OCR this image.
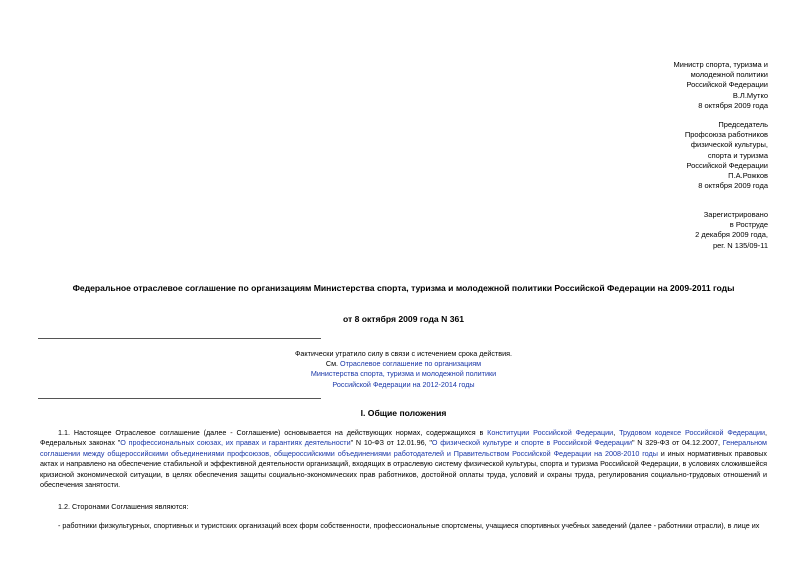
Министр спорта, туризма и
молодежной политики
Российской Федерации
В.Л.Мутко
8 октября 2009 года
Председатель
Профсоюза работников
физической культуры,
спорта и туризма
Российской Федерации
П.А.Рожков
8 октября 2009 года
Зарегистрировано
в Роструде
2 декабря 2009 года,
рег. N 135/09-11
Федеральное отраслевое соглашение по организациям Министерства спорта, туризма и молодежной политики Российской Федерации на 2009-2011 годы
от 8 октября 2009 года N 361
Фактически утратило силу в связи с истечением срока действия.
См. Отраслевое соглашение по организациям
Министерства спорта, туризма и молодежной политики
Российской Федерации на 2012-2014 годы
I. Общие положения
1.1. Настоящее Отраслевое соглашение (далее - Соглашение) основывается на действующих нормах, содержащихся в Конституции Российской Федерации, Трудовом кодексе Российской Федерации, Федеральных законах "О профессиональных союзах, их правах и гарантиях деятельности" N 10-ФЗ от 12.01.96, "О физической культуре и спорте в Российской Федерации" N 329-ФЗ от 04.12.2007, Генеральном соглашении между общероссийскими объединениями профсоюзов, общероссийскими объединениями работодателей и Правительством Российской Федерации на 2008-2010 годы и иных нормативных правовых актах и направлено на обеспечение стабильной и эффективной деятельности организаций, входящих в отраслевую систему физической культуры, спорта и туризма Российской Федерации, в условиях сложившейся кризисной экономической ситуации, в целях обеспечения защиты социально-экономических прав работников, достойной оплаты труда, условий и охраны труда, регулирования социально-трудовых отношений и обеспечения занятости.
1.2. Сторонами Соглашения являются:
- работники физкультурных, спортивных и туристских организаций всех форм собственности, профессиональные спортсмены, учащиеся спортивных учебных заведений (далее - работники отрасли), в лице их
